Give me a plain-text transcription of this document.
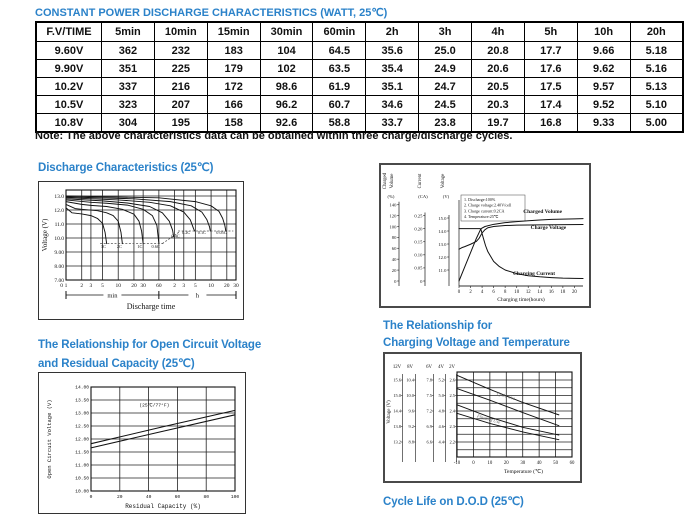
CONSTANT POWER DISCHARGE CHARACTERISTICS (WATT, 25℃)
F.V/TIME	5min	10min	15min	30min	60min	2h	3h	4h	5h	10h	20h
9.60V	362	232	183	104	64.5	35.6	25.0	20.8	17.7	9.66	5.18
9.90V	351	225	179	102	63.5	35.4	24.9	20.6	17.6	9.62	5.16
10.2V	337	216	172	98.6	61.9	35.1	24.7	20.5	17.5	9.57	5.13
10.5V	323	207	166	96.2	60.7	34.6	24.5	20.3	17.4	9.52	5.10
10.8V	304	195	158	92.6	58.8	33.7	23.8	19.7	16.8	9.33	5.00
Note: The above characteristics data can be obtained within three charge/discharge cycles.
Discharge Characteristics (25℃)
1 2 3 5 10 20 30 60 2 3 5 10 20 30
13.0
12.0
11.0
10.0
9.00
8.00
7.00
0
Voltage (V)	3C	2C	1C 0.6C
0.4C
0.2C 0.1C 0.05C
min	h
Discharge time
0
20
40
60
80
100
120
140
Charged Volume
(%)
0
0.05
0.10
0.15
0.20
0.25
Current
(CA)
11.0
12.0
13.0
14.0
15.0
Voltage
(V)
0 2 4 6 8 10 12 14 16 18 20
Charging time(hours)
1. Discharge:100%
2. Charge voltage:2.40V/cell
3. Charge current:0.2CA
4. Temperature:25℃
Charged Volume
Charge Voltage
Charging Current
The Relationship for Open Circuit Voltage
and Residual Capacity (25℃)
14.00
13.50
13.00
12.50
12.00
11.50
11.00
10.50
10.00
0	20	40	60	80	100
Open Circuit Voltage (V)
Residual Capacity (%)
(25℃/77°F)
The Relationship for
Charging Voltage and Temperature
-10	0	10 20 30 40 50 60
Temperature (℃)
Voltage (V)
12V
15.6
15.0
14.4
13.8
13.2
8V
10.4
10.0
9.6
9.2
8.8
6V
7.8
7.5
7.2
6.9
6.6
4V
5.2
5.0
4.8
4.6
4.4
2V
2.6
2.5
2.4
2.3
2.2
Cycle Use
Floating Use
Cycle Life on D.O.D (25℃)
